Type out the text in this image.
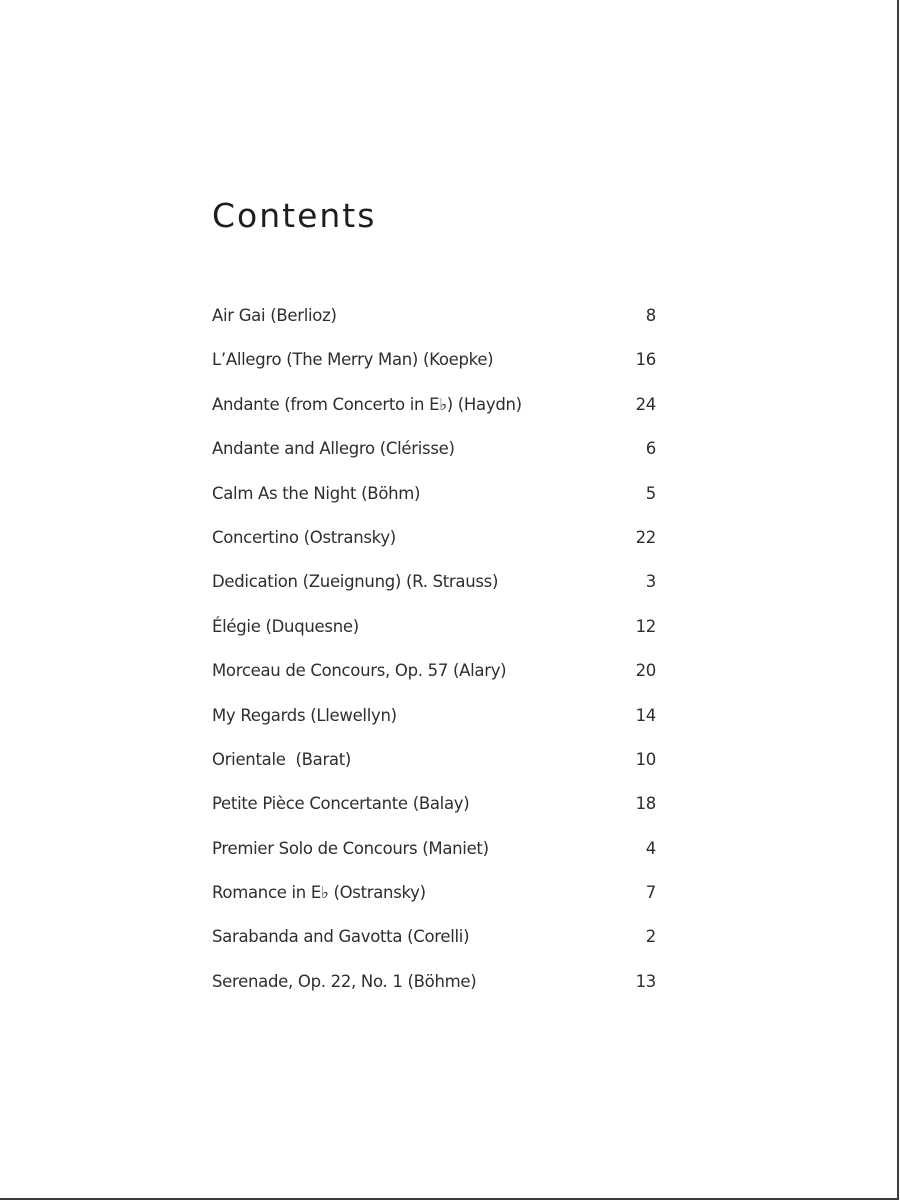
Contents
Air Gai (Berlioz)	8
L’Allegro (The Merry Man) (Koepke)	16
Andante (from Concerto in E♭) (Haydn)	24
Andante and Allegro (Clérisse)	6
Calm As the Night (Böhm)	5
Concertino (Ostransky)	22
Dedication (Zueignung) (R. Strauss)	3
Élégie (Duquesne)	12
Morceau de Concours, Op. 57 (Alary)	20
My Regards (Llewellyn)	14
Orientale  (Barat)	10
Petite Pièce Concertante (Balay)	18
Premier Solo de Concours (Maniet)	4
Romance in E♭ (Ostransky)	7
Sarabanda and Gavotta (Corelli)	2
Serenade, Op. 22, No. 1 (Böhme)	13
